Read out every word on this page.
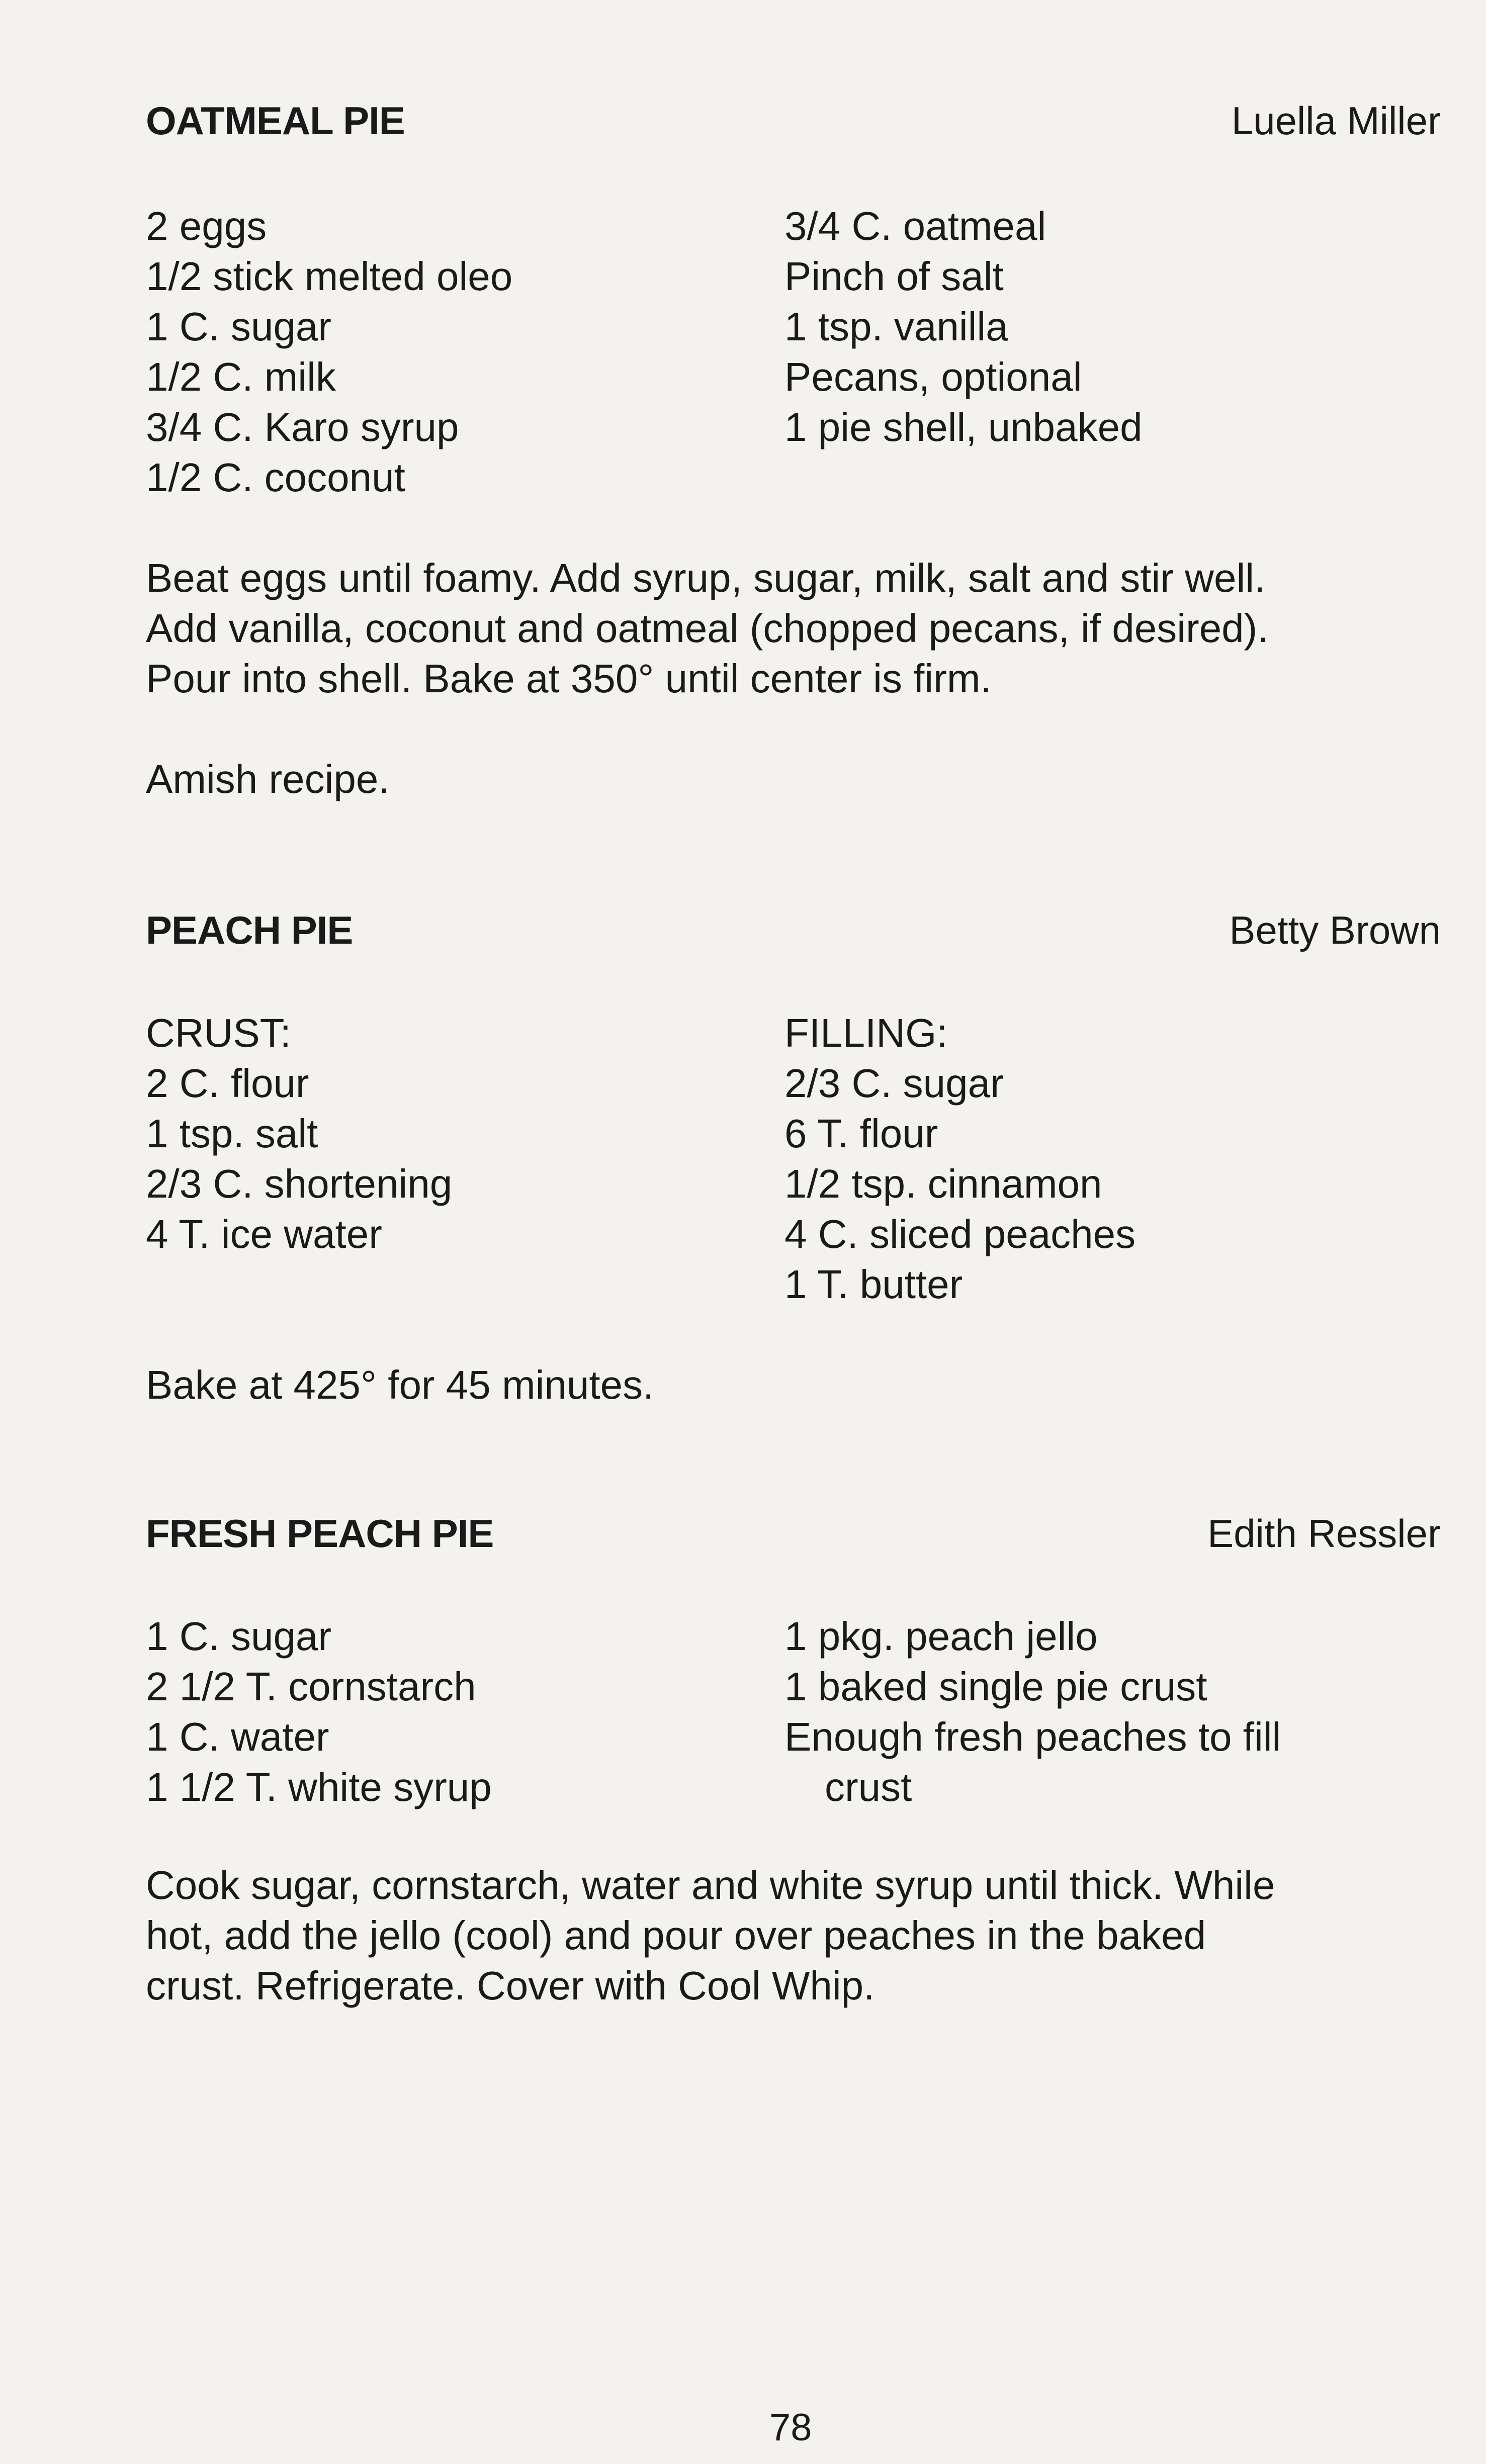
OATMEAL PIE	Luella Miller
2 eggs
1/2 stick melted oleo
1 C. sugar
1/2 C. milk
3/4 C. Karo syrup
1/2 C. coconut
3/4 C. oatmeal
Pinch of salt
1 tsp. vanilla
Pecans, optional
1 pie shell, unbaked
Beat eggs until foamy. Add syrup, sugar, milk, salt and stir well.
Add vanilla, coconut and oatmeal (chopped pecans, if desired).
Pour into shell. Bake at 350° until center is firm.
Amish recipe.
PEACH PIE	Betty Brown
CRUST:
2 C. flour
1 tsp. salt
2/3 C. shortening
4 T. ice water
FILLING:
2/3 C. sugar
6 T. flour
1/2 tsp. cinnamon
4 C. sliced peaches
1 T. butter
Bake at 425° for 45 minutes.
FRESH PEACH PIE	Edith Ressler
1 C. sugar
2 1/2 T. cornstarch
1 C. water
1 1/2 T. white syrup
1 pkg. peach jello
1 baked single pie crust
Enough fresh peaches to fill
crust
Cook sugar, cornstarch, water and white syrup until thick. While
hot, add the jello (cool) and pour over peaches in the baked
crust. Refrigerate. Cover with Cool Whip.
78
